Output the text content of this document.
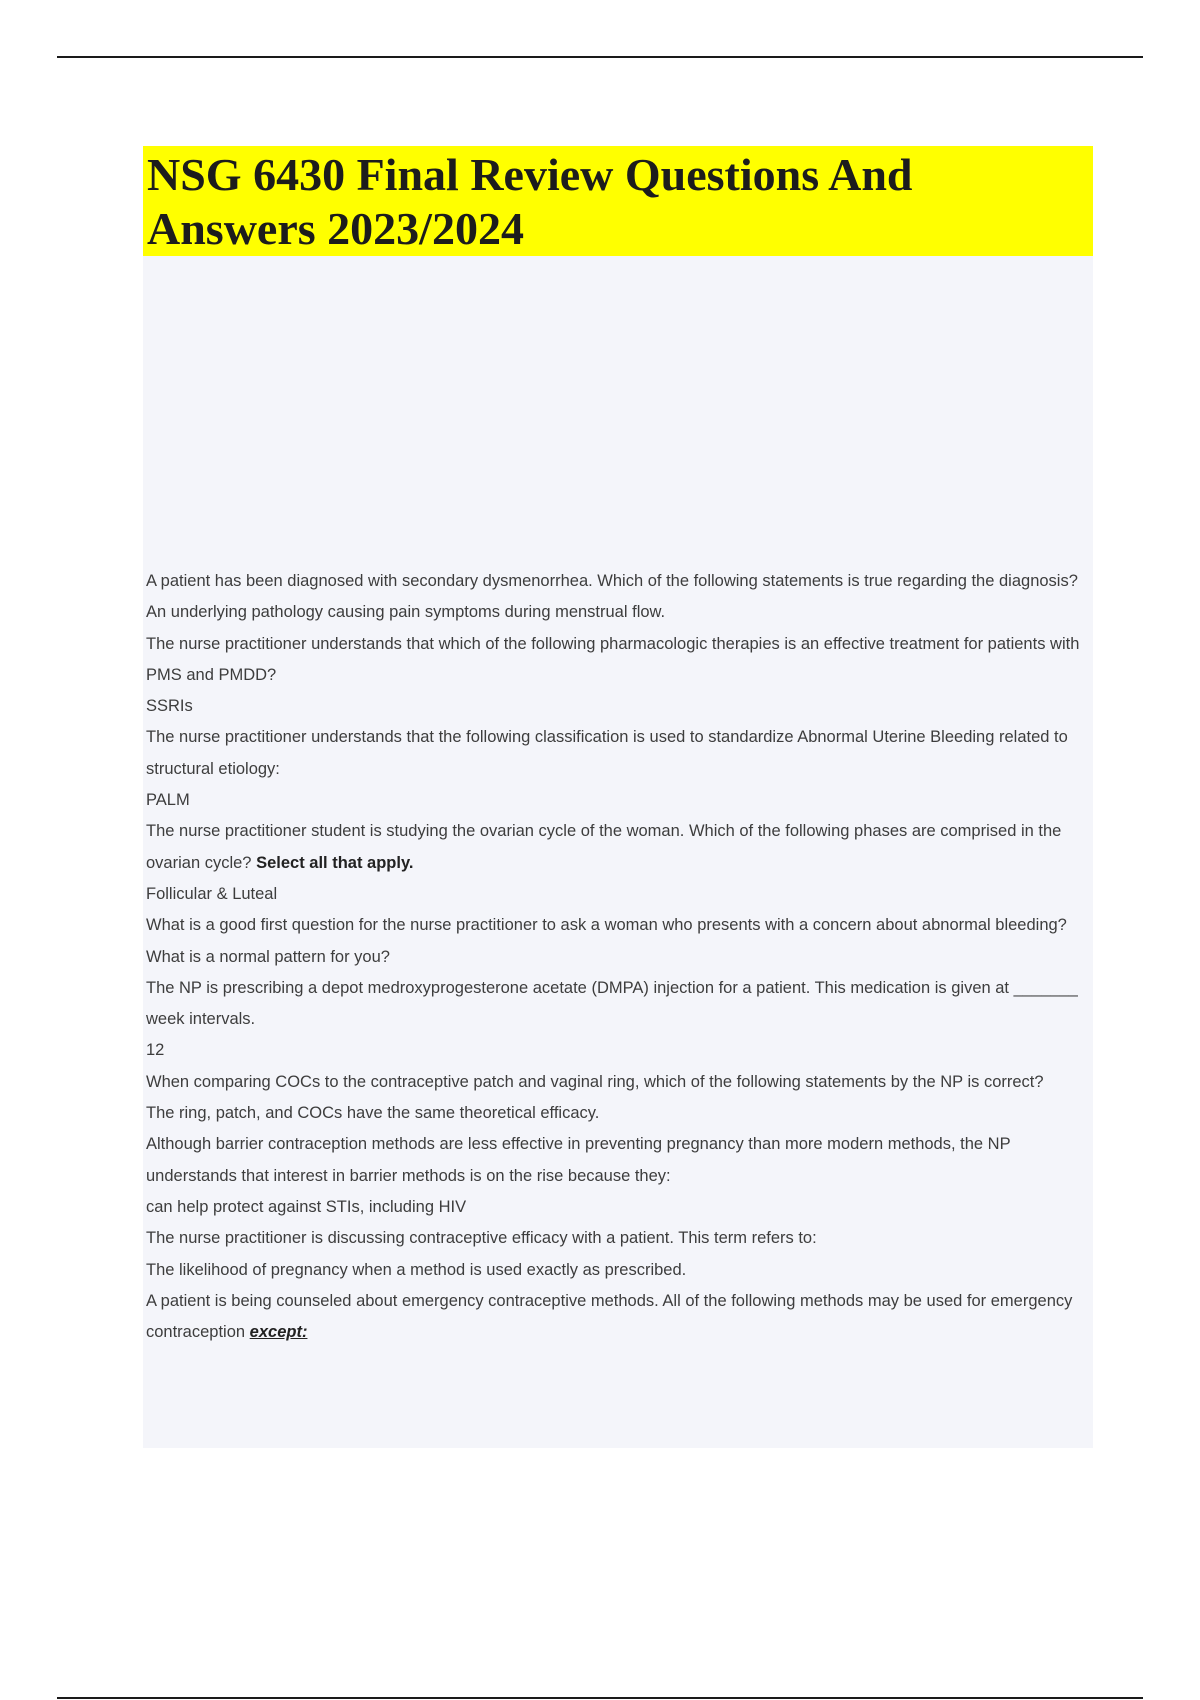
NSG 6430 Final Review Questions And
Answers 2023/2024

A patient has been diagnosed with secondary dysmenorrhea. Which of the following statements is true regarding the diagnosis?

An underlying pathology causing pain symptoms during menstrual flow.

The nurse practitioner understands that which of the following pharmacologic therapies is an effective treatment for patients with PMS and PMDD?

SSRIs

The nurse practitioner understands that the following classification is used to standardize Abnormal Uterine Bleeding related to structural etiology:

PALM

The nurse practitioner student is studying the ovarian cycle of the woman. Which of the following phases are comprised in the ovarian cycle? Select all that apply.

Follicular & Luteal

What is a good first question for the nurse practitioner to ask a woman who presents with a concern about abnormal bleeding?

What is a normal pattern for you?

The NP is prescribing a depot medroxyprogesterone acetate (DMPA) injection for a patient. This medication is given at _______ week intervals.

12

When comparing COCs to the contraceptive patch and vaginal ring, which of the following statements by the NP is correct?

The ring, patch, and COCs have the same theoretical efficacy.

Although barrier contraception methods are less effective in preventing pregnancy than more modern methods, the NP understands that interest in barrier methods is on the rise because they:

can help protect against STIs, including HIV

The nurse practitioner is discussing contraceptive efficacy with a patient. This term refers to:

The likelihood of pregnancy when a method is used exactly as prescribed.

A patient is being counseled about emergency contraceptive methods. All of the following methods may be used for emergency contraception except:
